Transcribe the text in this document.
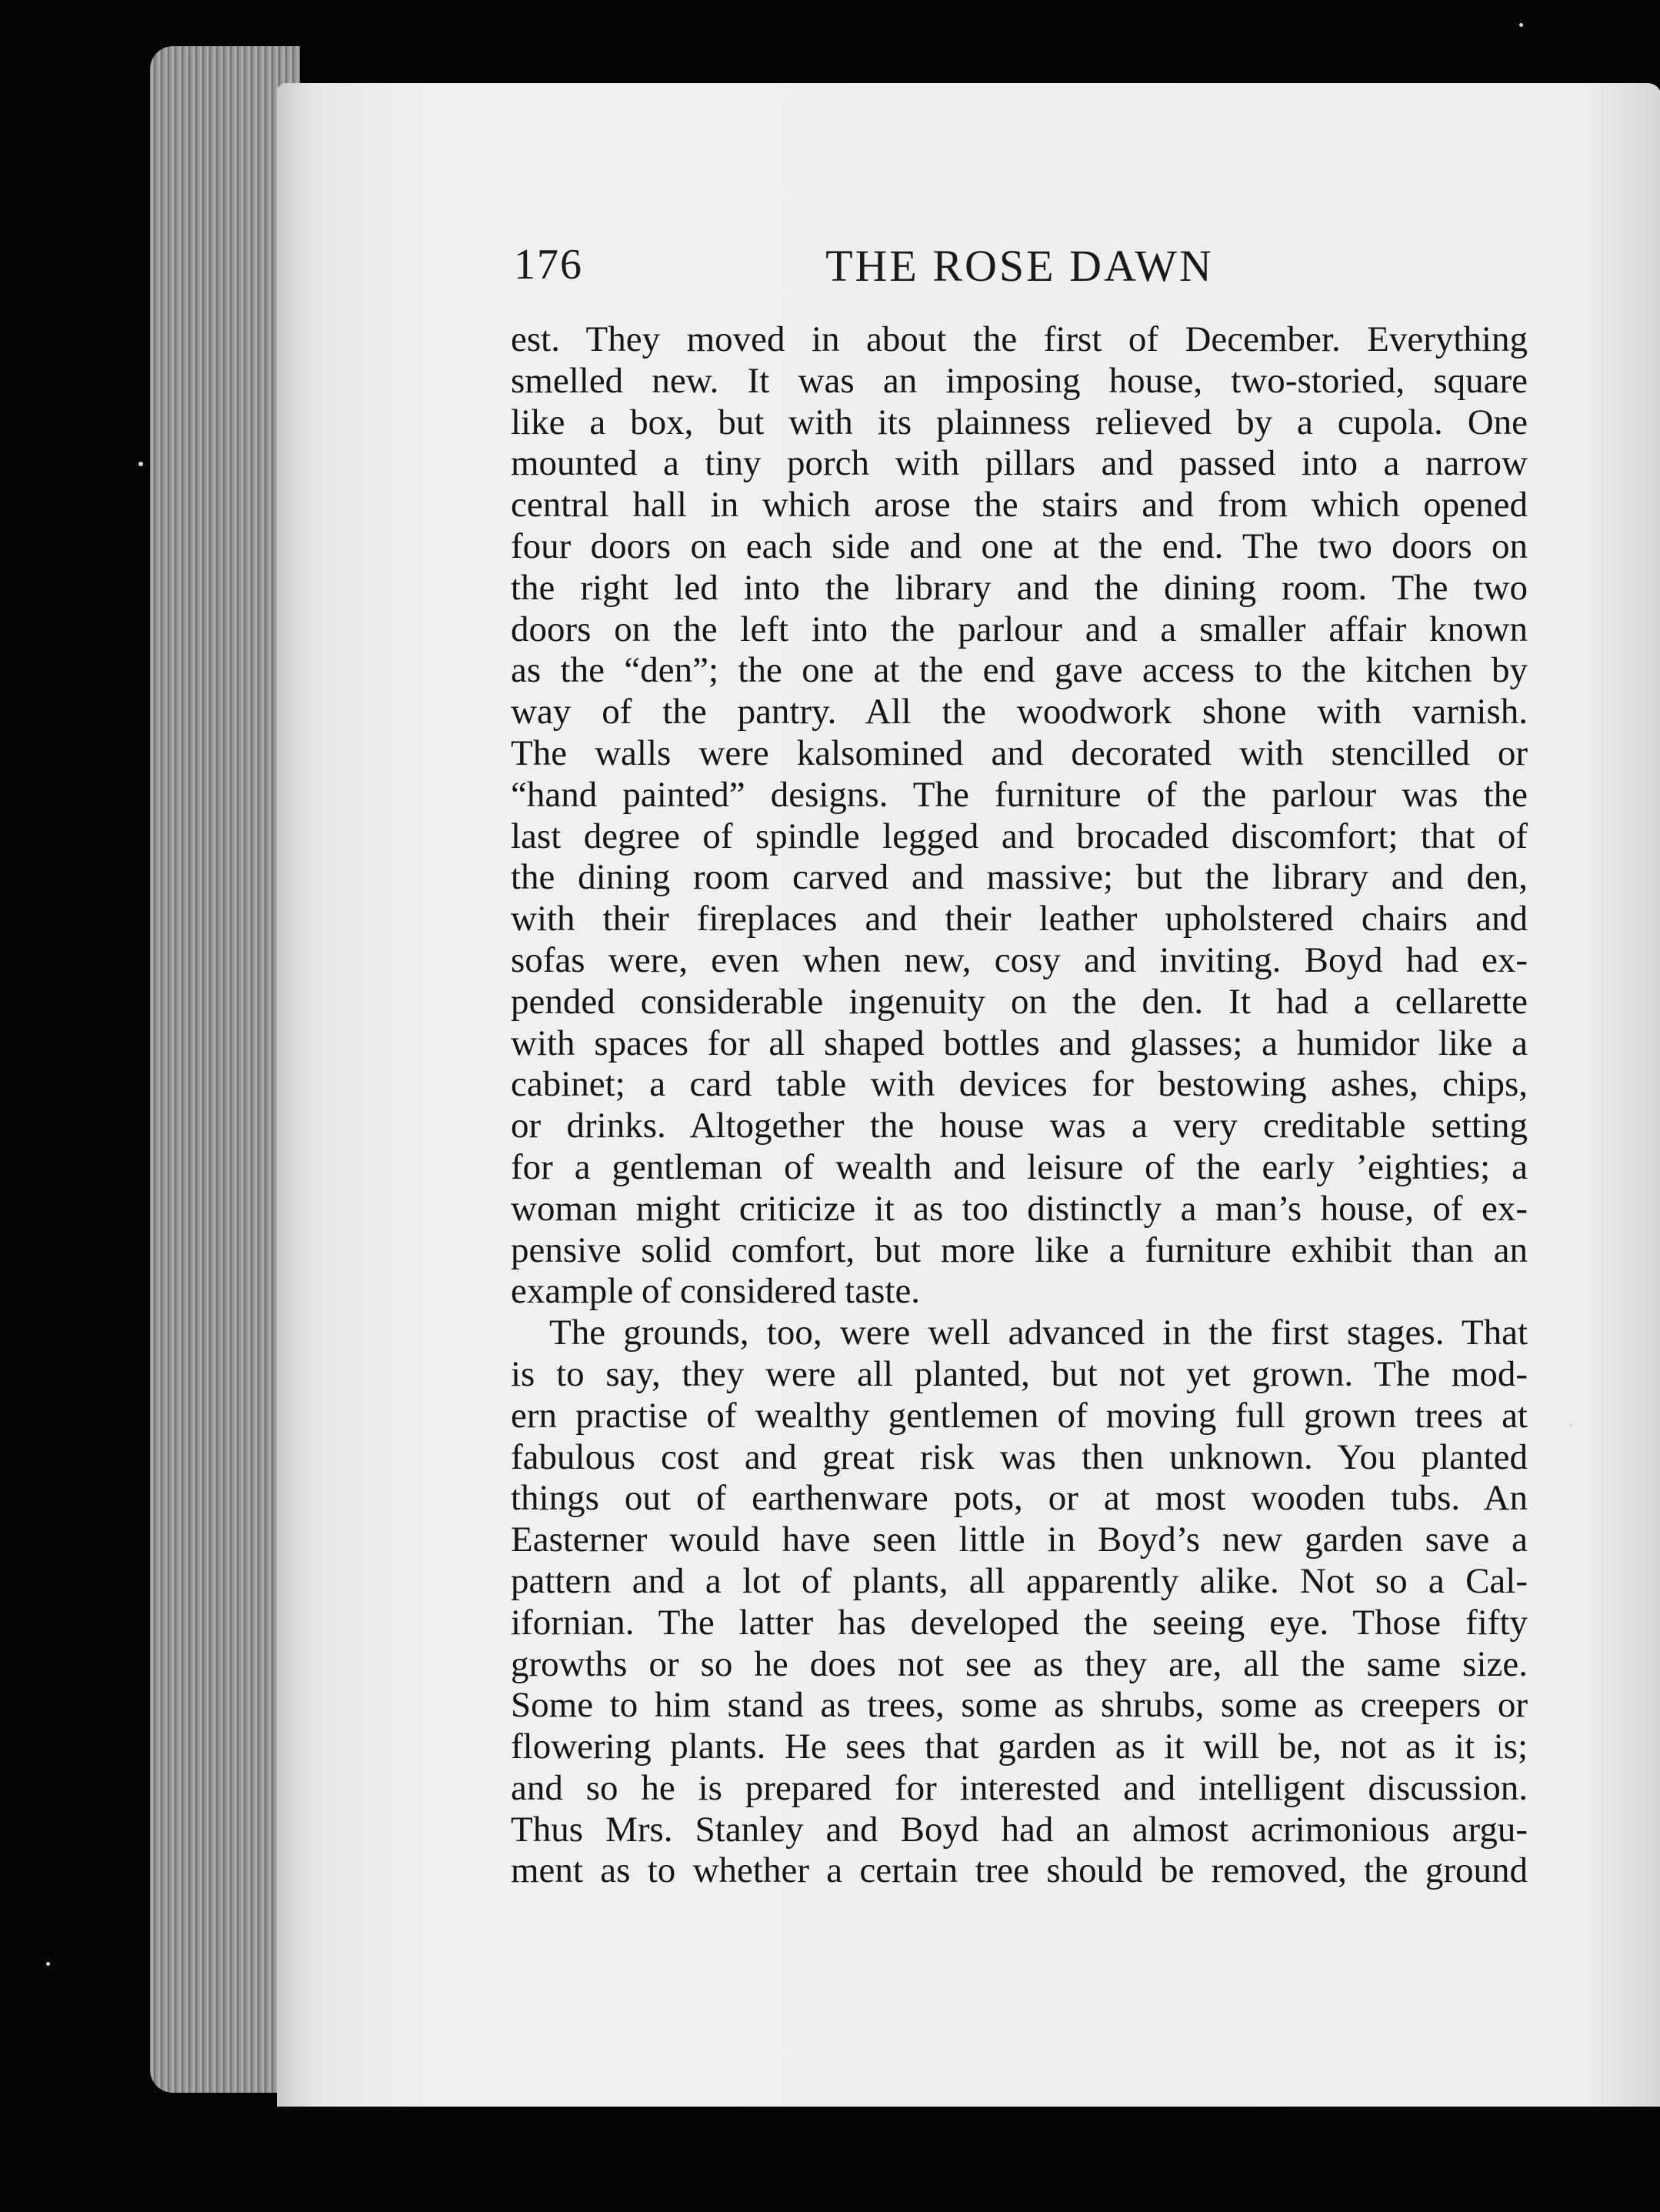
176	THE ROSE DAWN
est. They moved in about the first of December. Everything
smelled new. It was an imposing house, two-storied, square
like a box, but with its plainness relieved by a cupola. One
mounted a tiny porch with pillars and passed into a narrow
central hall in which arose the stairs and from which opened
four doors on each side and one at the end. The two doors on
the right led into the library and the dining room. The two
doors on the left into the parlour and a smaller affair known
as the “den”; the one at the end gave access to the kitchen by
way of the pantry. All the woodwork shone with varnish.
The walls were kalsomined and decorated with stencilled or
“hand painted” designs. The furniture of the parlour was the
last degree of spindle legged and brocaded discomfort; that of
the dining room carved and massive; but the library and den,
with their fireplaces and their leather upholstered chairs and
sofas were, even when new, cosy and inviting. Boyd had ex-
pended considerable ingenuity on the den. It had a cellarette
with spaces for all shaped bottles and glasses; a humidor like a
cabinet; a card table with devices for bestowing ashes, chips,
or drinks. Altogether the house was a very creditable setting
for a gentleman of wealth and leisure of the early ’eighties; a
woman might criticize it as too distinctly a man’s house, of ex-
pensive solid comfort, but more like a furniture exhibit than an
example of considered taste.
The grounds, too, were well advanced in the first stages. That
is to say, they were all planted, but not yet grown. The mod-
ern practise of wealthy gentlemen of moving full grown trees at
fabulous cost and great risk was then unknown. You planted
things out of earthenware pots, or at most wooden tubs. An
Easterner would have seen little in Boyd’s new garden save a
pattern and a lot of plants, all apparently alike. Not so a Cal-
ifornian. The latter has developed the seeing eye. Those fifty
growths or so he does not see as they are, all the same size.
Some to him stand as trees, some as shrubs, some as creepers or
flowering plants. He sees that garden as it will be, not as it is;
and so he is prepared for interested and intelligent discussion.
Thus Mrs. Stanley and Boyd had an almost acrimonious argu-
ment as to whether a certain tree should be removed, the ground
